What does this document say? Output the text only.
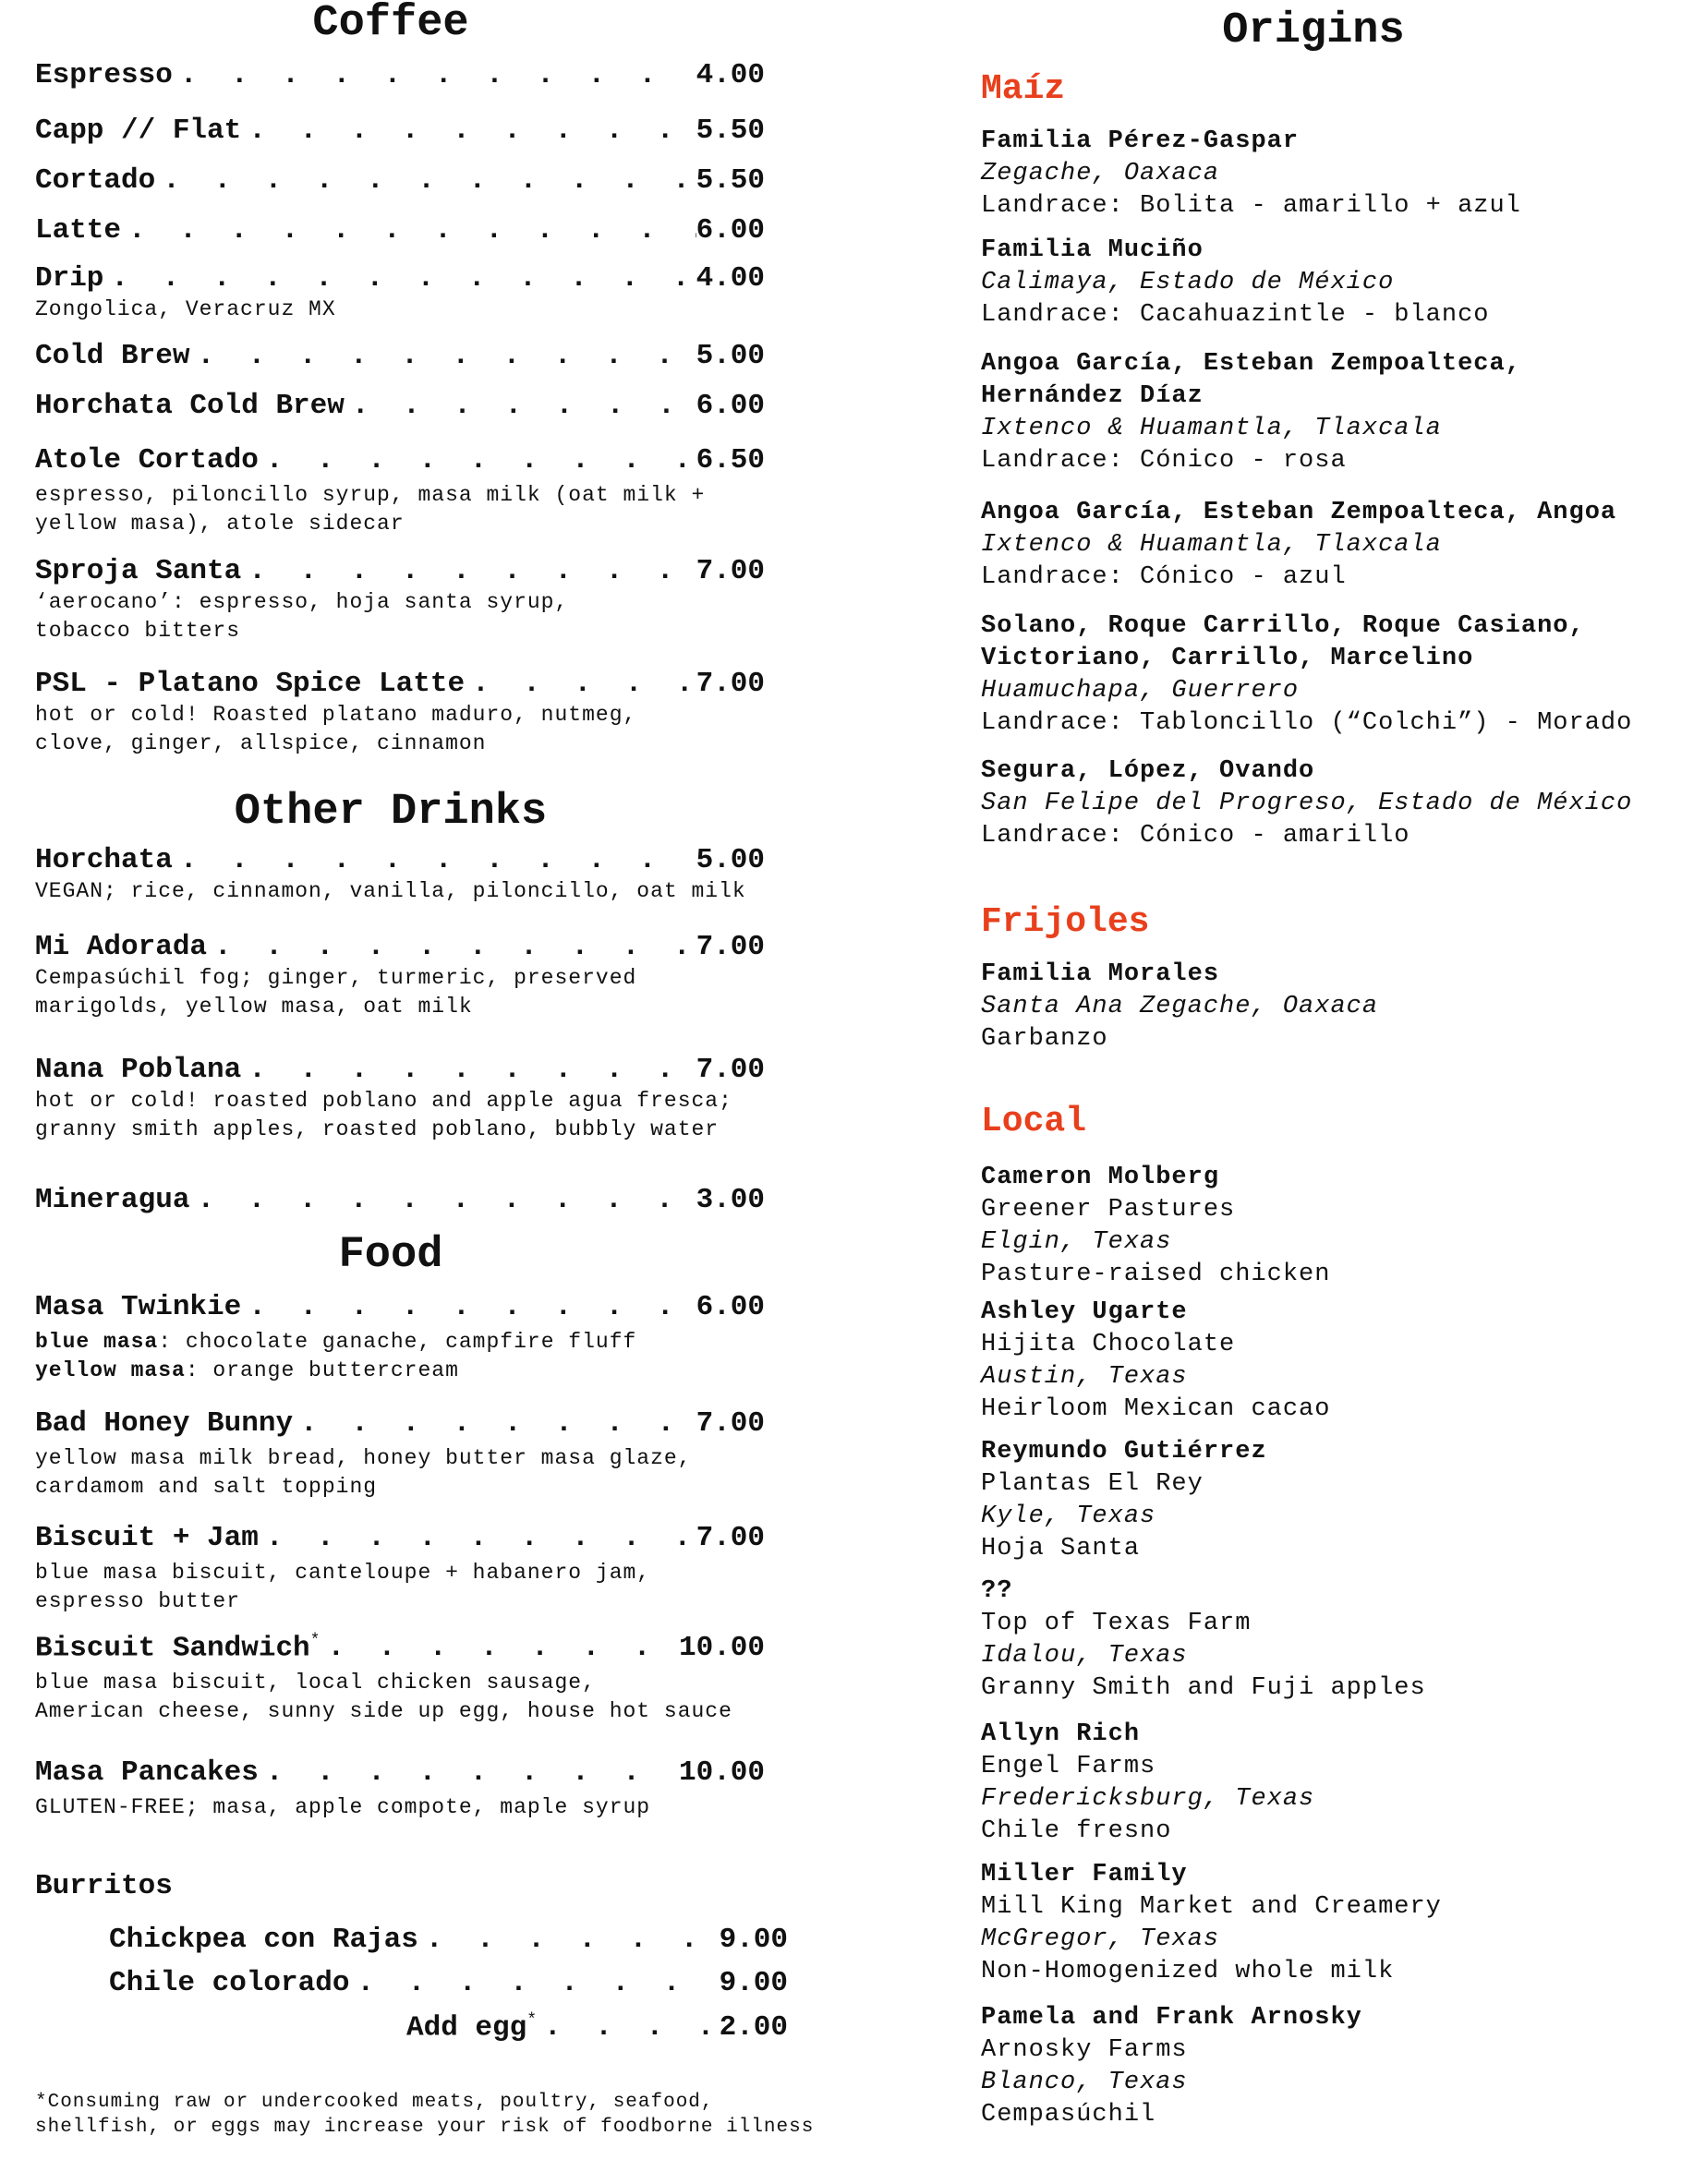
Coffee
Espresso . . .	4.00
Capp // Flat . . .	5.50
Cortado . . .	5.50
Latte . . .	6.00
Drip . . .	4.00
Zongolica, Veracruz MX
Cold Brew . . .	5.00
Horchata Cold Brew . . .	6.00
Atole Cortado . . .	6.50
espresso, piloncillo syrup, masa milk (oat milk +
yellow masa), atole sidecar
Sproja Santa . . .	7.00
‘aerocano’: espresso, hoja santa syrup,
tobacco bitters
PSL - Platano Spice Latte . . .	7.00
hot or cold! Roasted platano maduro, nutmeg,
clove, ginger, allspice, cinnamon
Other Drinks
Horchata . . .	5.00
VEGAN; rice, cinnamon, vanilla, piloncillo, oat milk
Mi Adorada . . .	7.00
Cempasúchil fog; ginger, turmeric, preserved
marigolds, yellow masa, oat milk
Nana Poblana . . .	7.00
hot or cold! roasted poblano and apple agua fresca;
granny smith apples, roasted poblano, bubbly water
Mineragua . . .	3.00
Food
Masa Twinkie . . .	6.00
blue masa: chocolate ganache, campfire fluff
yellow masa: orange buttercream
Bad Honey Bunny . . .	7.00
yellow masa milk bread, honey butter masa glaze,
cardamom and salt topping
Biscuit + Jam . . .	7.00
blue masa biscuit, canteloupe + habanero jam,
espresso butter
Biscuit Sandwich* . . .	10.00
blue masa biscuit, local chicken sausage,
American cheese, sunny side up egg, house hot sauce
Masa Pancakes . . .	10.00
GLUTEN-FREE; masa, apple compote, maple syrup
Burritos
Chickpea con Rajas . . .	9.00
Chile colorado . . .	9.00
Add egg* . . .	2.00
*Consuming raw or undercooked meats, poultry, seafood,
shellfish, or eggs may increase your risk of foodborne illness
Origins
Maíz
Familia Pérez-Gaspar
Zegache, Oaxaca
Landrace: Bolita - amarillo + azul
Familia Muciño
Calimaya, Estado de México
Landrace: Cacahuazintle - blanco
Angoa García, Esteban Zempoalteca,
Hernández Díaz
Ixtenco & Huamantla, Tlaxcala
Landrace: Cónico - rosa
Angoa García, Esteban Zempoalteca, Angoa
Ixtenco & Huamantla, Tlaxcala
Landrace: Cónico - azul
Solano, Roque Carrillo, Roque Casiano,
Victoriano, Carrillo, Marcelino
Huamuchapa, Guerrero
Landrace: Tabloncillo (“Colchi”) - Morado
Segura, López, Ovando
San Felipe del Progreso, Estado de México
Landrace: Cónico - amarillo
Frijoles
Familia Morales
Santa Ana Zegache, Oaxaca
Garbanzo
Local
Cameron Molberg
Greener Pastures
Elgin, Texas
Pasture-raised chicken
Ashley Ugarte
Hijita Chocolate
Austin, Texas
Heirloom Mexican cacao
Reymundo Gutiérrez
Plantas El Rey
Kyle, Texas
Hoja Santa
??
Top of Texas Farm
Idalou, Texas
Granny Smith and Fuji apples
Allyn Rich
Engel Farms
Fredericksburg, Texas
Chile fresno
Miller Family
Mill King Market and Creamery
McGregor, Texas
Non-Homogenized whole milk
Pamela and Frank Arnosky
Arnosky Farms
Blanco, Texas
Cempasúchil
